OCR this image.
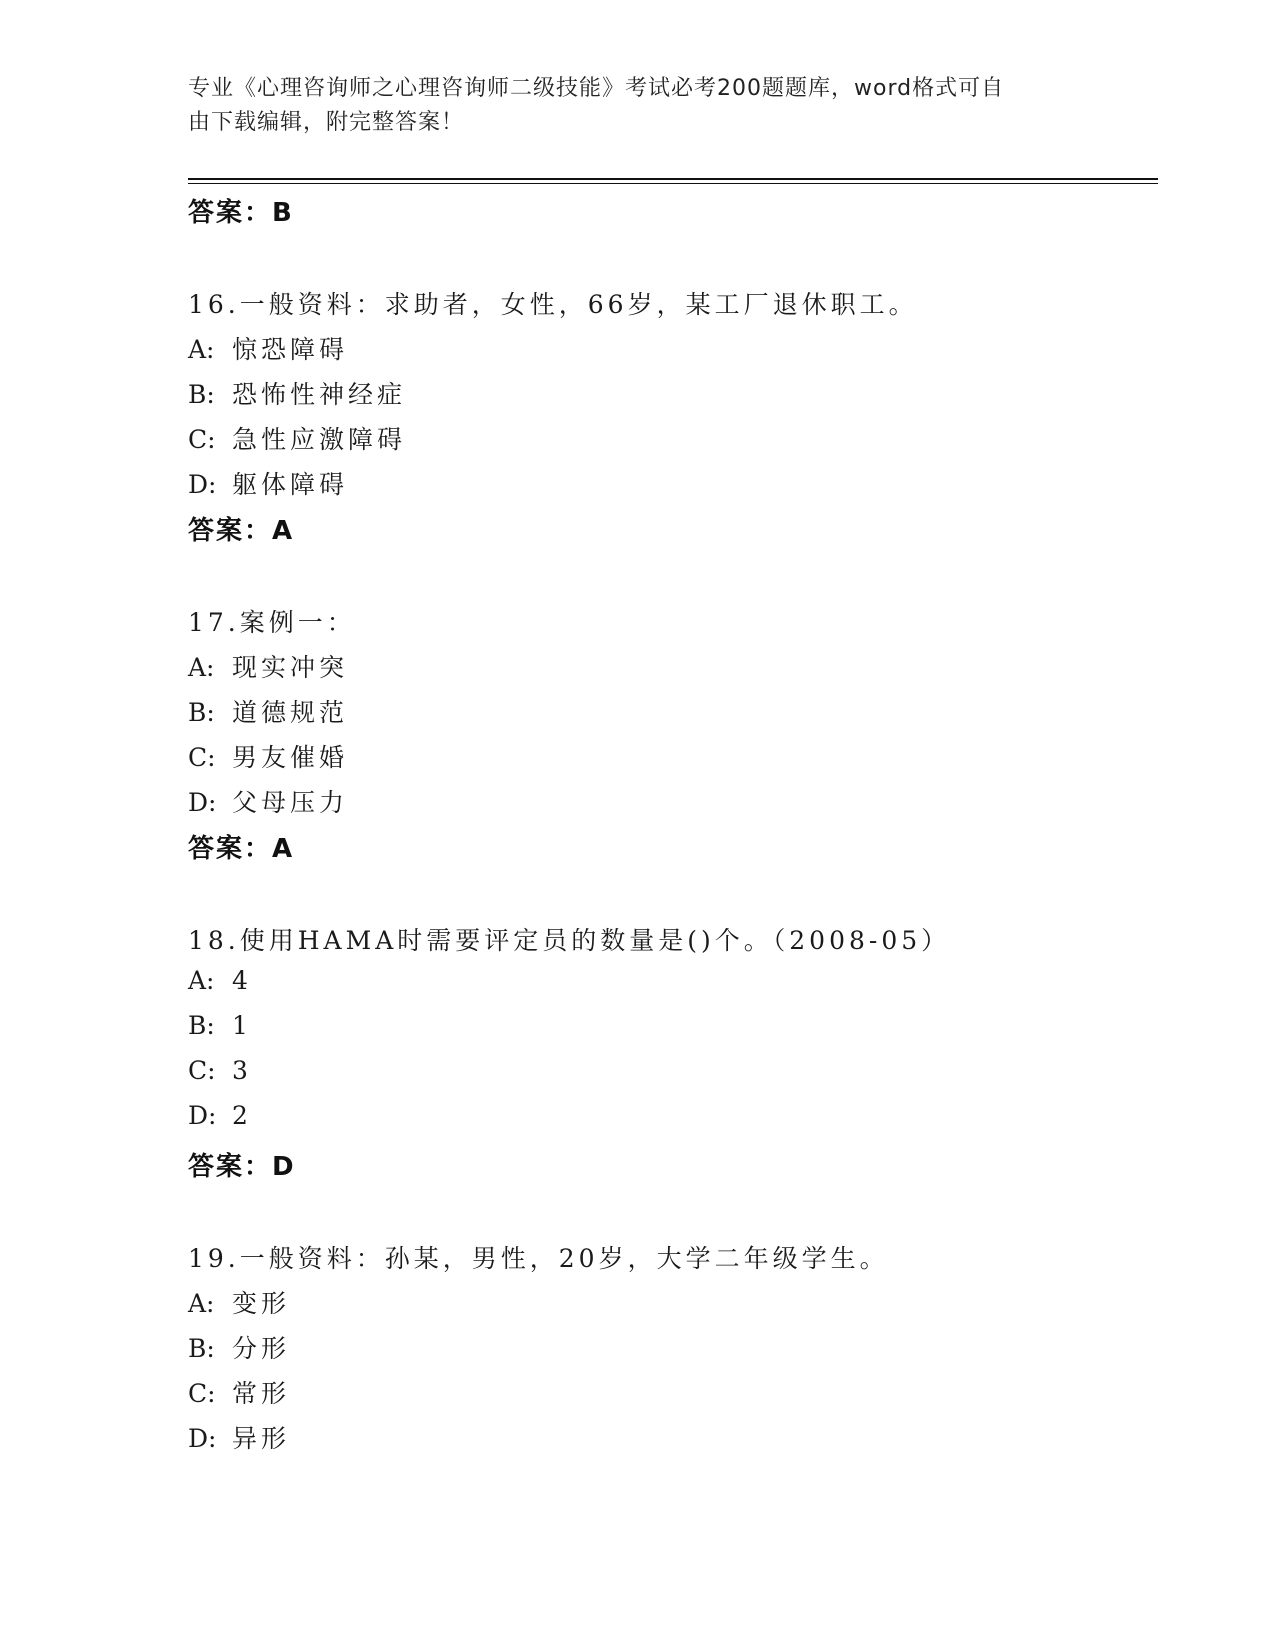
专业《心理咨询师之心理咨询师二级技能》考试必考200题题库，word格式可自
由下载编辑，附完整答案！
答案：B
16.一般资料：求助者，女性，66岁，某工厂退休职工。
A: 惊恐障碍
B: 恐怖性神经症
C: 急性应激障碍
D: 躯体障碍
答案：A
17.案例一：
A: 现实冲突
B: 道德规范
C: 男友催婚
D: 父母压力
答案：A
18.使用HAMA时需要评定员的数量是()个。（2008-05）
A: 4
B: 1
C: 3
D: 2
答案：D
19.一般资料：孙某，男性，20岁，大学二年级学生。
A: 变形
B: 分形
C: 常形
D: 异形
